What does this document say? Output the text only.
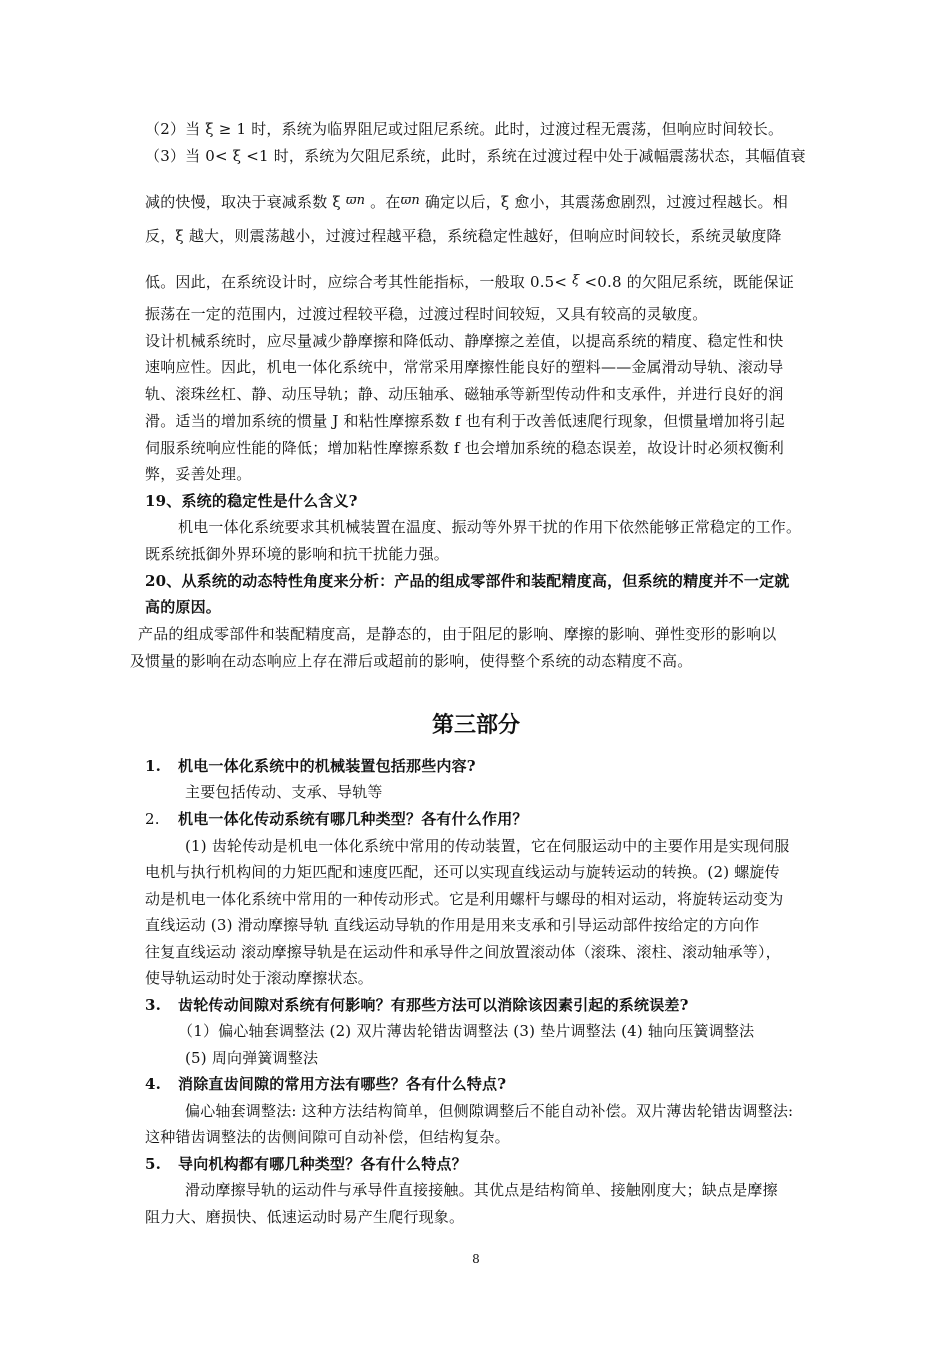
（2）当 ξ ≥ 1 时，系统为临界阻尼或过阻尼系统。此时，过渡过程无震荡，但响应时间较长。
（3）当 0< ξ <1 时，系统为欠阻尼系统，此时，系统在过渡过程中处于减幅震荡状态，其幅值衰
减的快慢，取决于衰减系数 ξ ϖn 。在ϖn 确定以后，ξ 愈小，其震荡愈剧烈，过渡过程越长。相
反，ξ 越大，则震荡越小，过渡过程越平稳，系统稳定性越好，但响应时间较长，系统灵敏度降
低。因此，在系统设计时，应综合考其性能指标，一般取 0.5< ξ <0.8 的欠阻尼系统，既能保证
振荡在一定的范围内，过渡过程较平稳，过渡过程时间较短，又具有较高的灵敏度。
设计机械系统时，应尽量减少静摩擦和降低动、静摩擦之差值，以提高系统的精度、稳定性和快
速响应性。因此，机电一体化系统中，常常采用摩擦性能良好的塑料——金属滑动导轨、滚动导
轨、滚珠丝杠、静、动压导轨；静、动压轴承、磁轴承等新型传动件和支承件，并进行良好的润
滑。适当的增加系统的惯量 J 和粘性摩擦系数 f 也有利于改善低速爬行现象，但惯量增加将引起
伺服系统响应性能的降低；增加粘性摩擦系数 f 也会增加系统的稳态误差，故设计时必须权衡利
弊，妥善处理。
19、系统的稳定性是什么含义?
机电一体化系统要求其机械装置在温度、振动等外界干扰的作用下依然能够正常稳定的工作。
既系统抵御外界环境的影响和抗干扰能力强。
20、从系统的动态特性角度来分析：产品的组成零部件和装配精度高，但系统的精度并不一定就
高的原因。
产品的组成零部件和装配精度高，是静态的，由于阻尼的影响、摩擦的影响、弹性变形的影响以
及惯量的影响在动态响应上存在滞后或超前的影响，使得整个系统的动态精度不高。
第三部分
1.	机电一体化系统中的机械装置包括那些内容?
主要包括传动、支承、导轨等
2.	机电一体化传动系统有哪几种类型？各有什么作用？
(1) 齿轮传动是机电一体化系统中常用的传动装置，它在伺服运动中的主要作用是实现伺服
电机与执行机构间的力矩匹配和速度匹配，还可以实现直线运动与旋转运动的转换。(2) 螺旋传
动是机电一体化系统中常用的一种传动形式。它是利用螺杆与螺母的相对运动，将旋转运动变为
直线运动 (3) 滑动摩擦导轨 直线运动导轨的作用是用来支承和引导运动部件按给定的方向作
往复直线运动 滚动摩擦导轨是在运动件和承导件之间放置滚动体（滚珠、滚柱、滚动轴承等），
使导轨运动时处于滚动摩擦状态。
3.	齿轮传动间隙对系统有何影响？有那些方法可以消除该因素引起的系统误差?
（1）偏心轴套调整法 (2) 双片薄齿轮错齿调整法 (3) 垫片调整法 (4) 轴向压簧调整法
(5) 周向弹簧调整法
4.	消除直齿间隙的常用方法有哪些？各有什么特点?
偏心轴套调整法: 这种方法结构简单，但侧隙调整后不能自动补偿。双片薄齿轮错齿调整法:
这种错齿调整法的齿侧间隙可自动补偿，但结构复杂。
5.	导向机构都有哪几种类型？各有什么特点？
滑动摩擦导轨的运动件与承导件直接接触。其优点是结构简单、接触刚度大；缺点是摩擦
阻力大、磨损快、低速运动时易产生爬行现象。
8
